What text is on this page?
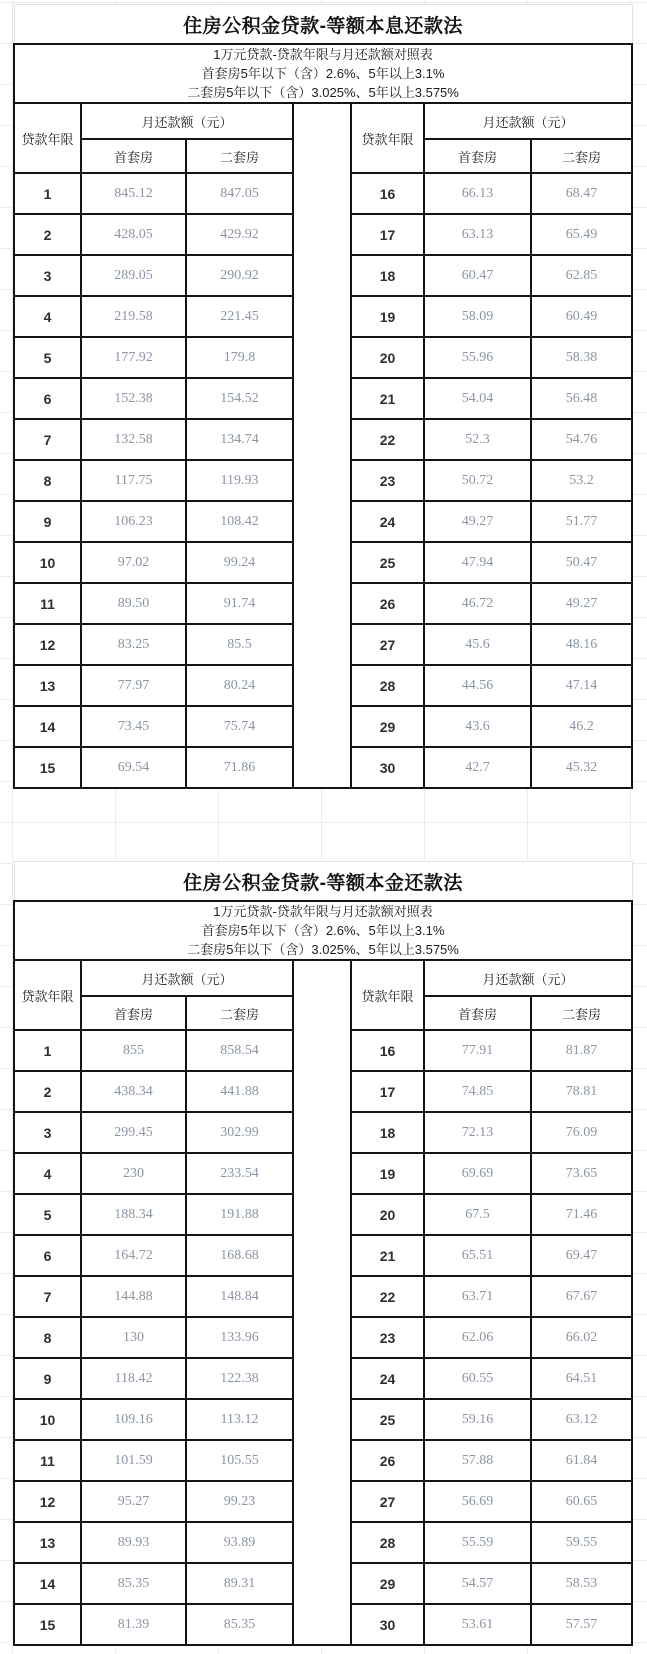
住房公积金贷款-等额本息还款法						

1万元贷款-贷款年限与月还款额对照表
首套房5年以下（含）2.6%、5年以上3.1%
二套房5年以下（含）3.025%、5年以上3.575%						

贷款年限	月还款额（元）			贷款年限	月还款额（元）	
	首套房	二套房			首套房	二套房
1	845.12	847.05		16	66.13	68.47
2	428.05	429.92		17	63.13	65.49
3	289.05	290.92		18	60.47	62.85
4	219.58	221.45		19	58.09	60.49
5	177.92	179.8		20	55.96	58.38
6	152.38	154.52		21	54.04	56.48
7	132.58	134.74		22	52.3	54.76
8	117.75	119.93		23	50.72	53.2
9	106.23	108.42		24	49.27	51.77
10	97.02	99.24		25	47.94	50.47
11	89.50	91.74		26	46.72	49.27
12	83.25	85.5		27	45.6	48.16
13	77.97	80.24		28	44.56	47.14
14	73.45	75.74		29	43.6	46.2
15	69.54	71.86		30	42.7	45.32
住房公积金贷款-等额本金还款法						

1万元贷款-贷款年限与月还款额对照表
首套房5年以下（含）2.6%、5年以上3.1%
二套房5年以下（含）3.025%、5年以上3.575%						

贷款年限	月还款额（元）			贷款年限	月还款额（元）	
	首套房	二套房			首套房	二套房
1	855	858.54		16	77.91	81.87
2	438.34	441.88		17	74.85	78.81
3	299.45	302.99		18	72.13	76.09
4	230	233.54		19	69.69	73.65
5	188.34	191.88		20	67.5	71.46
6	164.72	168.68		21	65.51	69.47
7	144.88	148.84		22	63.71	67.67
8	130	133.96		23	62.06	66.02
9	118.42	122.38		24	60.55	64.51
10	109.16	113.12		25	59.16	63.12
11	101.59	105.55		26	57.88	61.84
12	95.27	99.23		27	56.69	60.65
13	89.93	93.89		28	55.59	59.55
14	85.35	89.31		29	54.57	58.53
15	81.39	85.35		30	53.61	57.57
